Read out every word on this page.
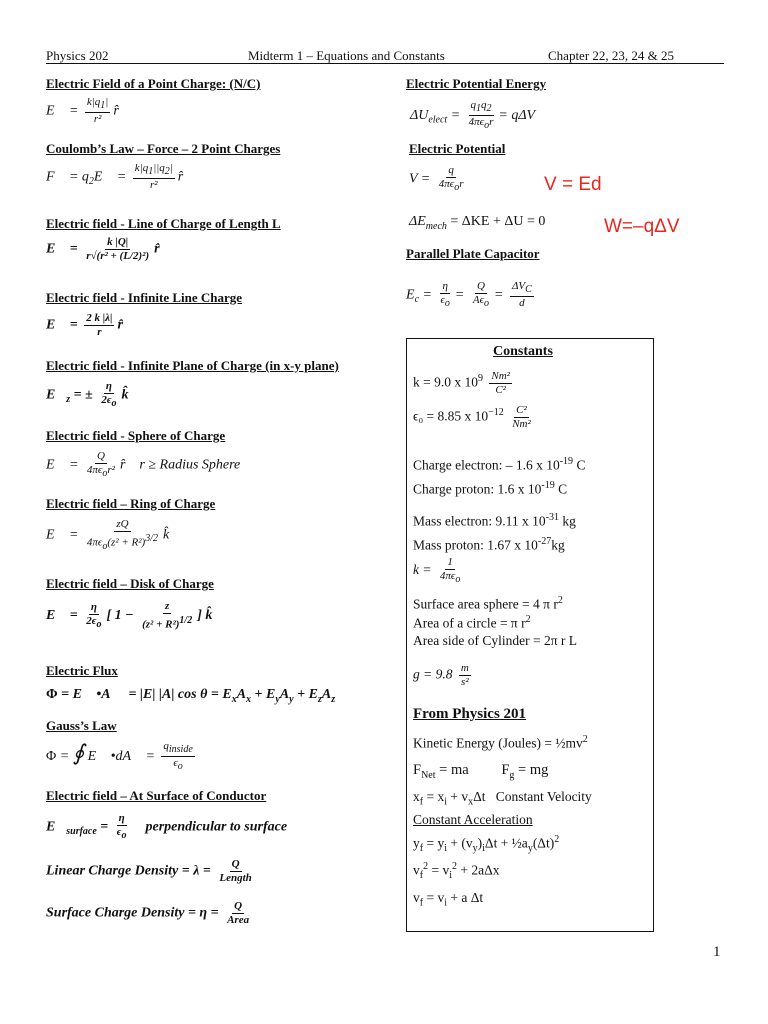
Physics 202	Midterm 1 – Equations and Constants	Chapter 22, 23, 24 & 25
Electric Field of a Point Charge: (N/C)
E⃗ = $\frac{k|q_1|}{\text{r²}}$ r̂
Coulomb’s Law – Force – 2 Point Charges
F⃗ = $q_2E⃗ = \frac{k|q_1||q_2|}{\text{r²}}$ r̂
Electric field - Line of Charge of Length L
E⃗ = $\frac{k |Q|}{\text{r√(r² + (L/2)²)}}$ r̂
Electric field - Infinite Line Charge
E⃗ = $\frac{2 k |\lambda|}{r}$ r̂
Electric field - Infinite Plane of Charge (in x-y plane)
$E⃗_z$ = ± $\frac{\eta}{2\epsilon_o}$ k̂
Electric field - Sphere of Charge
E⃗ = $\frac{Q}{4\pi\epsilon_or^2}$ r̂    r ≥ Radius Sphere
Electric field – Ring of Charge
E⃗ = $\frac{zQ}{4\pi\epsilon_o(z^2 + R^2)^{3/2}}$ k̂
Electric field – Disk of Charge
E⃗ = $\frac{\eta}{2\epsilon_o}$ [ $1 - \frac{z}{(z^2 + R^2)^{1/2}}$ ] k̂
Electric Flux
Φ = E⃗ •A⃗  = |E| |A| $\cos \theta = E_xA_x + E_yA_y + E_zA_z$
Gauss’s Law
Φ = ∮ E⃗ •dA⃗ = $\frac{q_{inside}}{\epsilon_o}$
Electric field – At Surface of Conductor
$E⃗_{surface} = \frac{\eta}{\epsilon_o}$ perpendicular to surface
Linear Charge Density = $\lambda = \frac{Q}{\text{Length}}$
Surface Charge Density = $\eta = \frac{Q}{\text{Area}}$
Electric Potential Energy
$\Delta U_{elect} = \frac{q_1q_2}{4\pi\epsilon_or} = q\Delta V$
Electric Potential
$V = \frac{q}{4\pi\epsilon_or}$	V = Ed
$\Delta E_{mech} = \Delta KE + \Delta U = 0$	W=–qΔV
Parallel Plate Capacitor
$E_c = \frac{\eta}{\epsilon_o} = \frac{Q}{A\epsilon_o} = \frac{\Delta V_C}{d}$
Constants
k = 9.0 x $10^9 \frac{\text{Nm²}}{\text{C²}}$
ϵ₀ = 8.85 x $10^{-12} \frac{\text{C²}}{\text{Nm²}}$
Charge electron: – 1.6 x $10^{-19}$ C
Charge proton: 1.6 x $10^{-19}$ C
Mass electron: 9.11 x $10^{-31}$ kg
Mass proton: 1.67 x $10^{-27}kg$
$k = \frac{1}{4\pi\epsilon_o}$
Surface area sphere = 4 π $r^2$
Area of a circle = π $r^2$
Area side of Cylinder = 2π r L
$g = 9.8 \frac{m}{\text{s²}}$
From Physics 201
Kinetic Energy (Joules) = $\frac{1}{2}mv^2$
$F_{Net}$ = ma         $F_g$ = mg
$x_f = x_i + v_x\Delta t$   Constant Velocity
Constant Acceleration
$y_f = y_i + (v_y)_i\Delta t$ + $\frac{1}{2}a_y(\Delta t)^2$
$v_f^2 = v_i^2 + 2a\Delta x$
$v_f = v_i + a$ Δt
1
